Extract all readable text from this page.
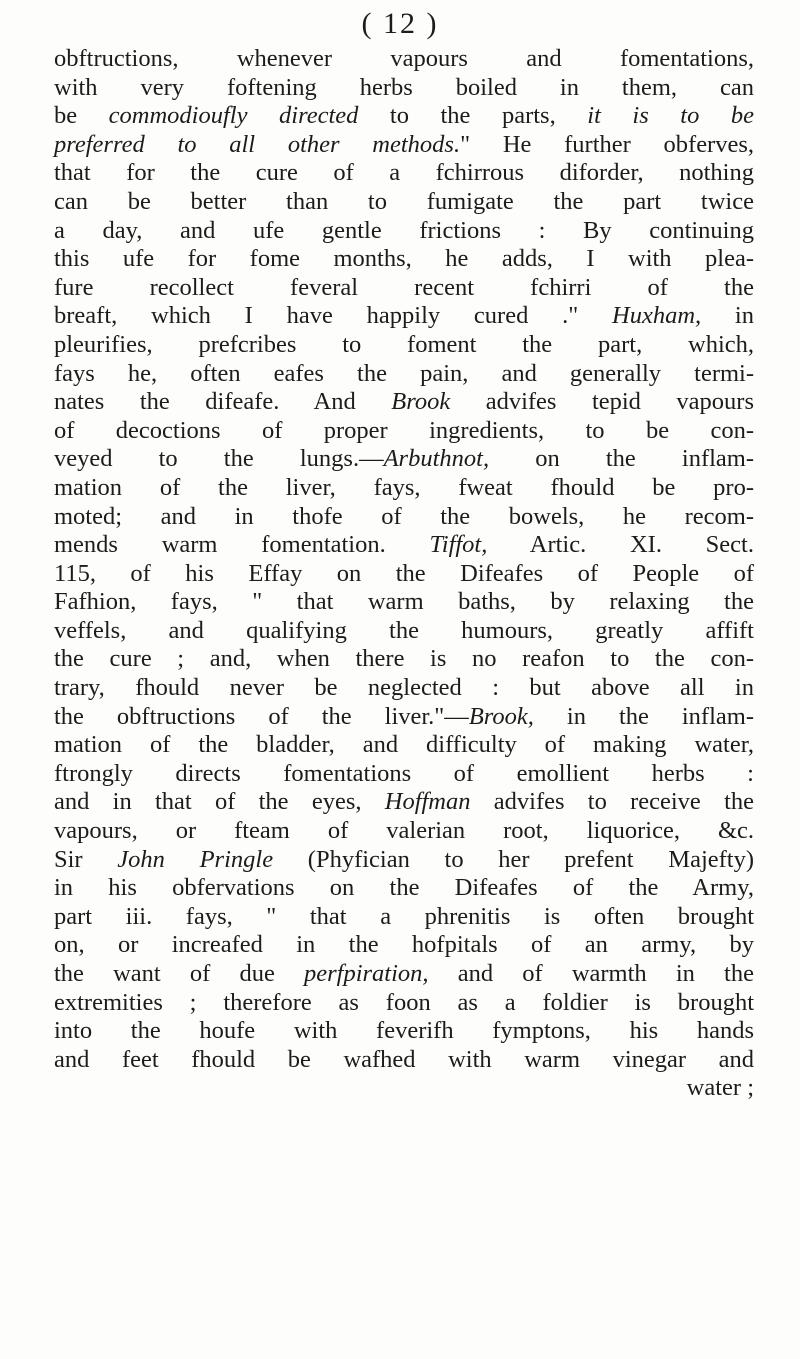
( 12 )
obftructions, whenever vapours and fomentations,
with very foftening herbs boiled in them, can
be commodioufly directed to the parts, it is to be
preferred to all other methods." He further obferves,
that for the cure of a fchirrous diforder, nothing
can be better than to fumigate the part twice
a day, and ufe gentle frictions : By continuing
this ufe for fome months, he adds, I with plea-
fure recollect feveral recent fchirri of the
breaft, which I have happily cured ." Huxham, in
pleurifies, prefcribes to foment the part, which,
fays he, often eafes the pain, and generally termi-
nates the difeafe. And Brook advifes tepid vapours
of decoctions of proper ingredients, to be con-
veyed to the lungs.—Arbuthnot, on the inflam-
mation of the liver, fays, fweat fhould be pro-
moted; and in thofe of the bowels, he recom-
mends warm fomentation. Tiffot, Artic. XI. Sect.
115, of his Effay on the Difeafes of People of
Fafhion, fays, " that warm baths, by relaxing the
veffels, and qualifying the humours, greatly affift
the cure ; and, when there is no reafon to the con-
trary, fhould never be neglected : but above all in
the obftructions of the liver."—Brook, in the inflam-
mation of the bladder, and difficulty of making water,
ftrongly directs fomentations of emollient herbs :
and in that of the eyes, Hoffman advifes to receive the
vapours, or fteam of valerian root, liquorice, &c.
Sir John Pringle (Phyfician to her prefent Majefty)
in his obfervations on the Difeafes of the Army,
part iii. fays, " that a phrenitis is often brought
on, or increafed in the hofpitals of an army, by
the want of due perfpiration, and of warmth in the
extremities ; therefore as foon as a foldier is brought
into the houfe with feverifh fymptons, his hands
and feet fhould be wafhed with warm vinegar and
water ;
